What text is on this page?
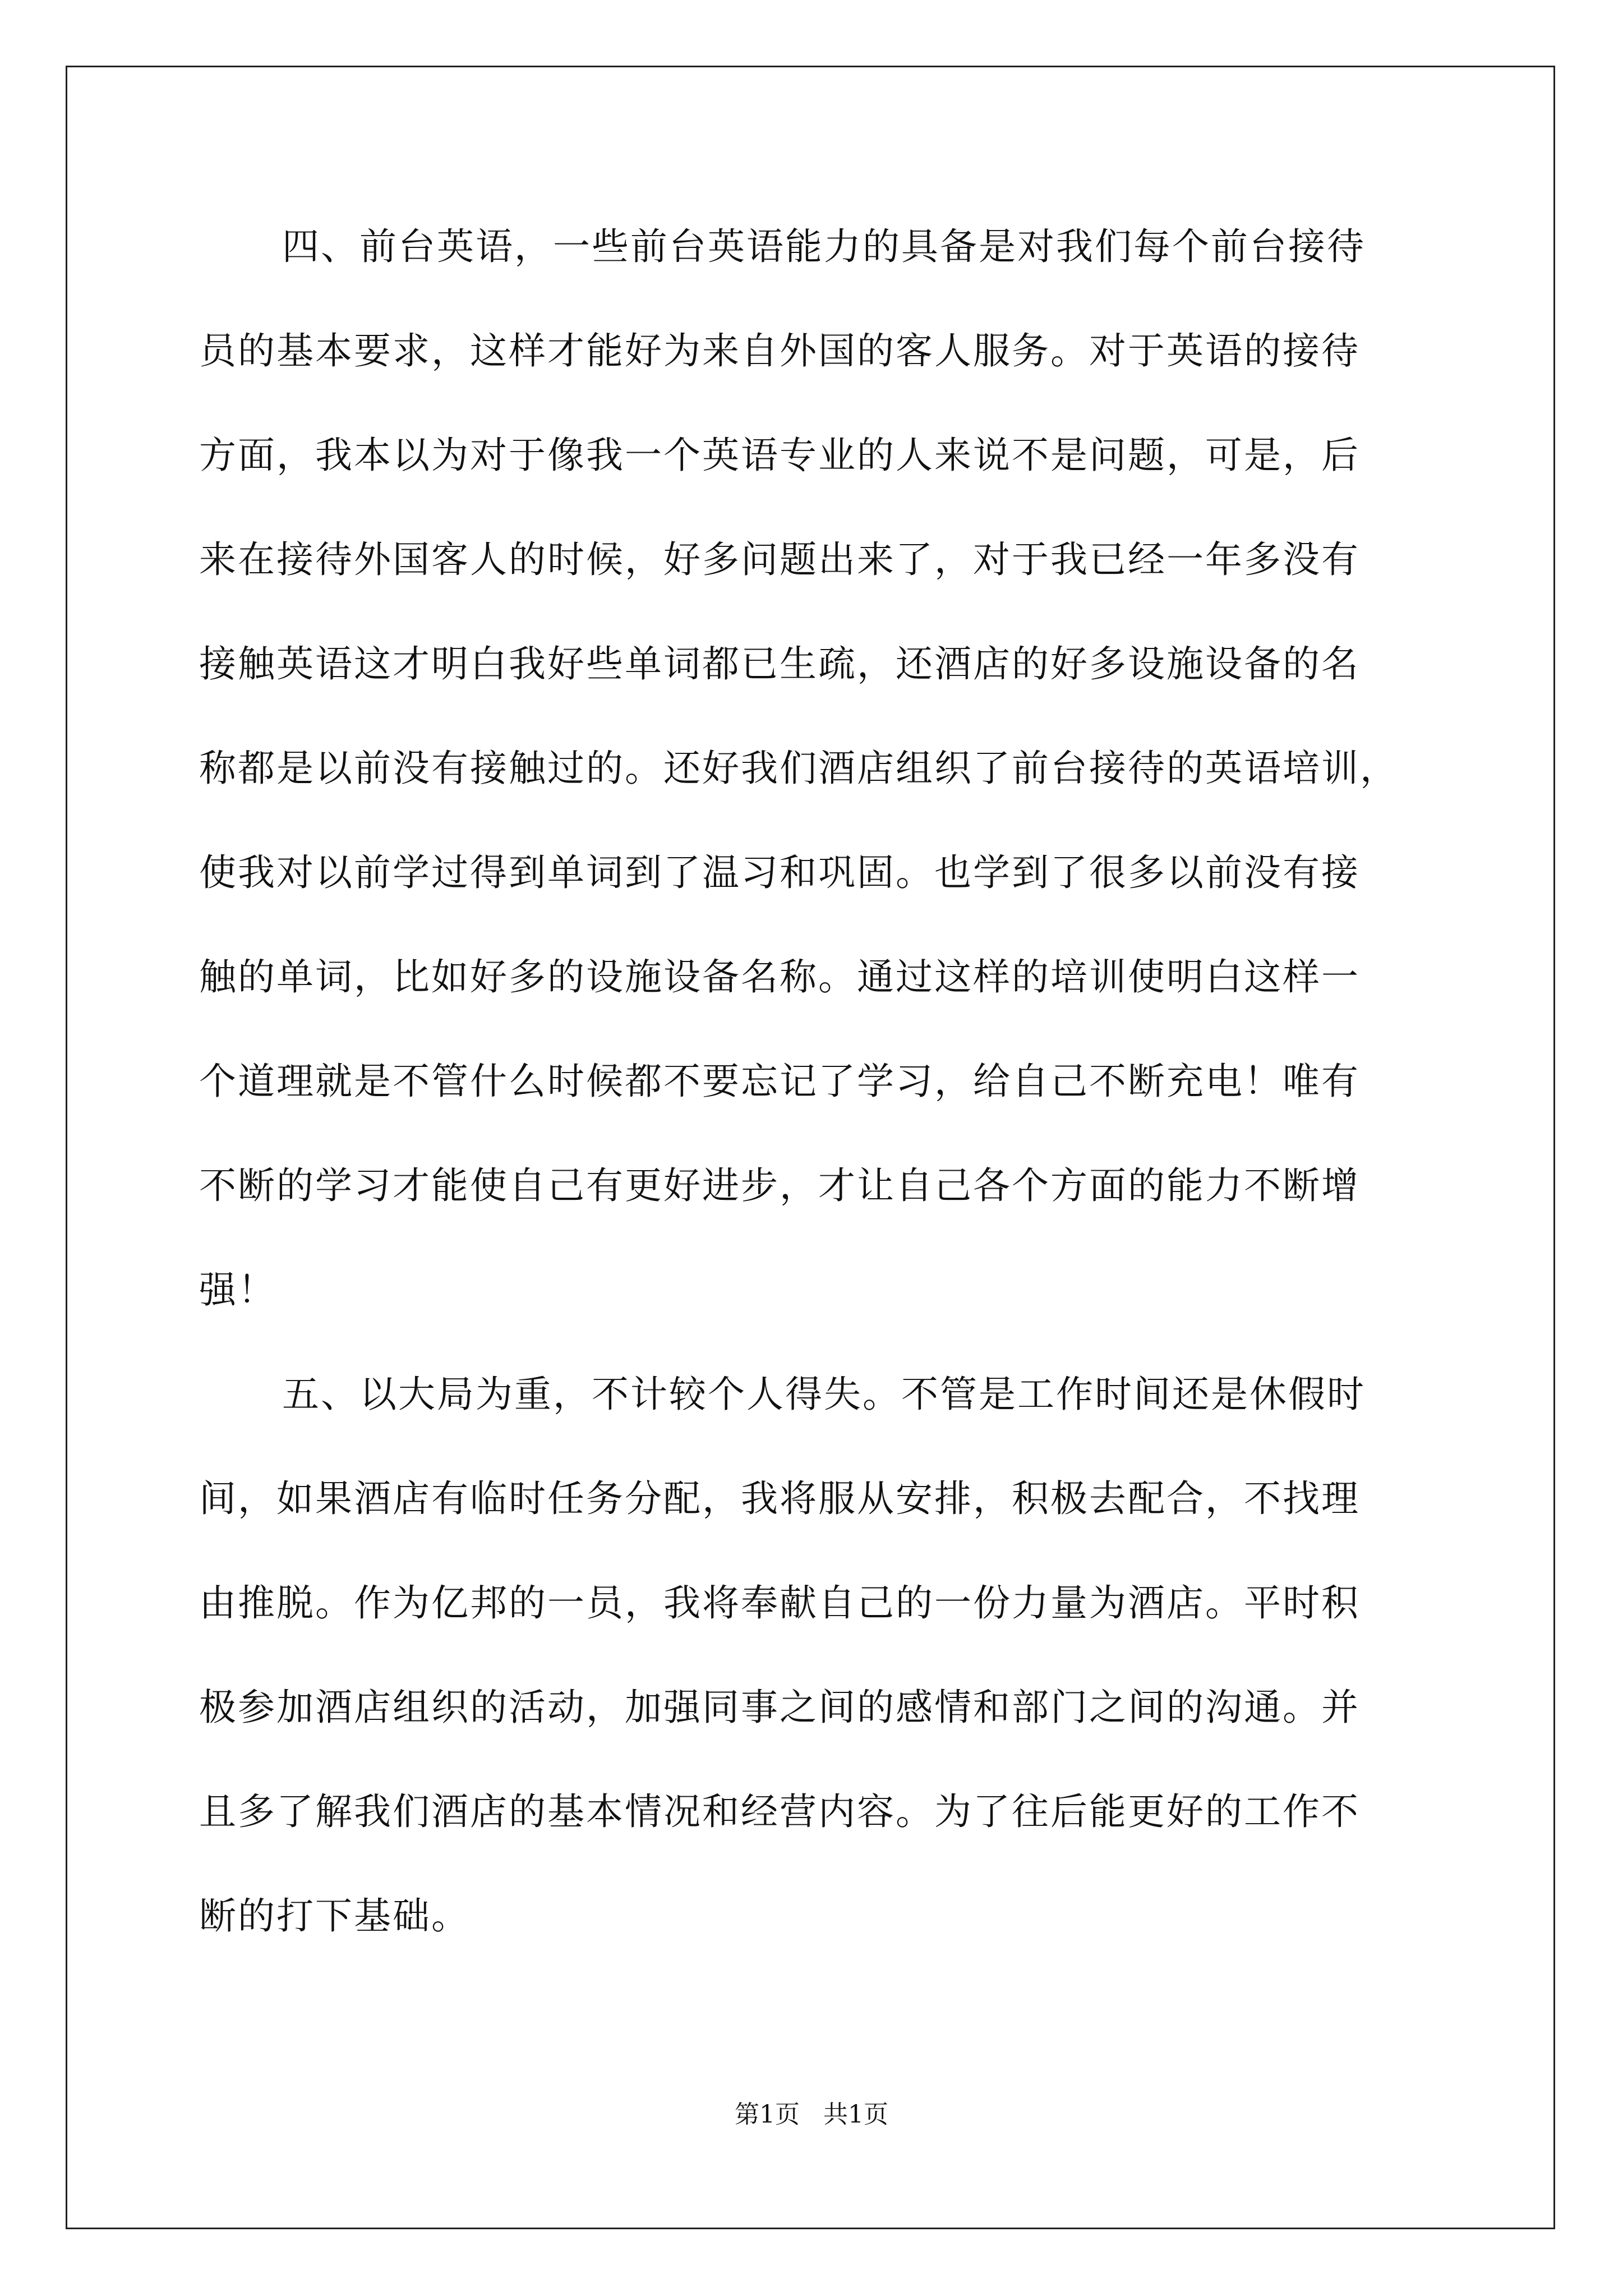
四、前台英语，一些前台英语能力的具备是对我们每个前台接待
员的基本要求，这样才能好为来自外国的客人服务。对于英语的接待
方面，我本以为对于像我一个英语专业的人来说不是问题，可是，后
来在接待外国客人的时候，好多问题出来了，对于我已经一年多没有
接触英语这才明白我好些单词都已生疏，还酒店的好多设施设备的名
称都是以前没有接触过的。还好我们酒店组织了前台接待的英语培训，
使我对以前学过得到单词到了温习和巩固。也学到了很多以前没有接
触的单词，比如好多的设施设备名称。通过这样的培训使明白这样一
个道理就是不管什么时候都不要忘记了学习，给自己不断充电！唯有
不断的学习才能使自己有更好进步，才让自己各个方面的能力不断增
强！
五、以大局为重，不计较个人得失。不管是工作时间还是休假时
间，如果酒店有临时任务分配，我将服从安排，积极去配合，不找理
由推脱。作为亿邦的一员，我将奉献自己的一份力量为酒店。平时积
极参加酒店组织的活动，加强同事之间的感情和部门之间的沟通。并
且多了解我们酒店的基本情况和经营内容。为了往后能更好的工作不
断的打下基础。
第1页 共1页
